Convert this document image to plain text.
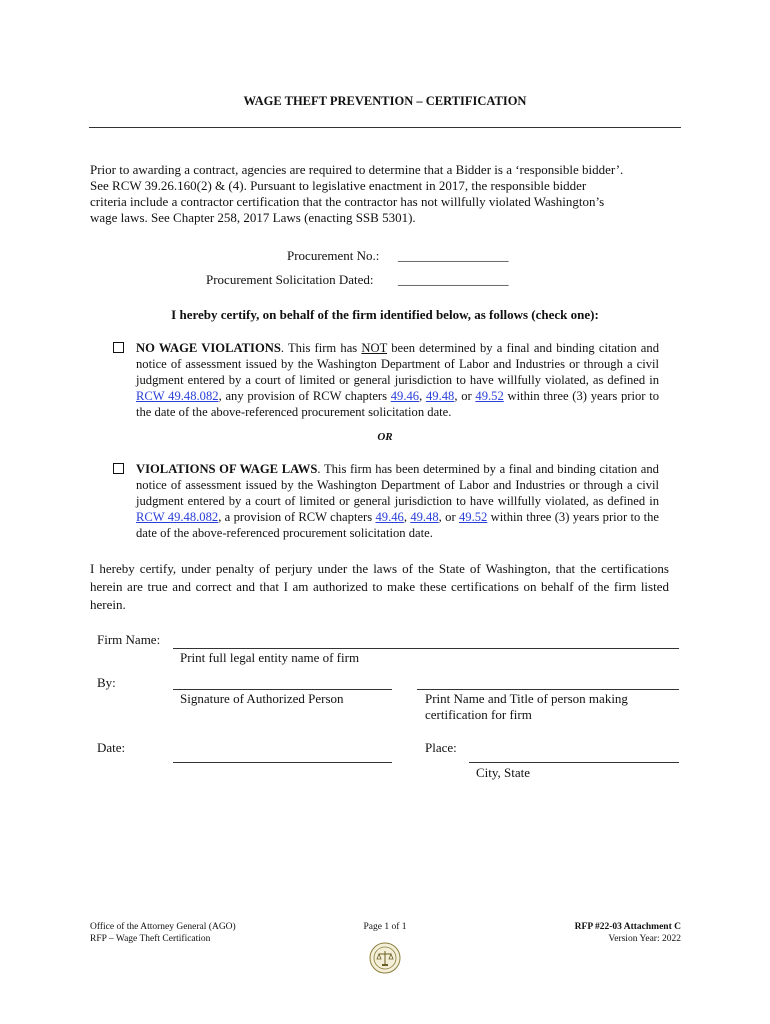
WAGE THEFT PREVENTION – CERTIFICATION
Prior to awarding a contract, agencies are required to determine that a Bidder is a ‘responsible bidder’. See RCW 39.26.160(2) & (4). Pursuant to legislative enactment in 2017, the responsible bidder criteria include a contractor certification that the contractor has not willfully violated Washington’s wage laws. See Chapter 258, 2017 Laws (enacting SSB 5301).
Procurement No.: _________________
Procurement Solicitation Dated: _________________
I hereby certify, on behalf of the firm identified below, as follows (check one):
NO WAGE VIOLATIONS. This firm has NOT been determined by a final and binding citation and notice of assessment issued by the Washington Department of Labor and Industries or through a civil judgment entered by a court of limited or general jurisdiction to have willfully violated, as defined in RCW 49.48.082, any provision of RCW chapters 49.46, 49.48, or 49.52 within three (3) years prior to the date of the above-referenced procurement solicitation date.
OR
VIOLATIONS OF WAGE LAWS. This firm has been determined by a final and binding citation and notice of assessment issued by the Washington Department of Labor and Industries or through a civil judgment entered by a court of limited or general jurisdiction to have willfully violated, as defined in RCW 49.48.082, a provision of RCW chapters 49.46, 49.48, or 49.52 within three (3) years prior to the date of the above-referenced procurement solicitation date.
I hereby certify, under penalty of perjury under the laws of the State of Washington, that the certifications herein are true and correct and that I am authorized to make these certifications on behalf of the firm listed herein.
Firm Name:
Print full legal entity name of firm
By:
Signature of Authorized Person	Print Name and Title of person making
certification for firm
Date:	Place:
City, State
Office of the Attorney General (AGO)
RFP – Wage Theft Certification
Page 1 of 1	RFP #22-03 Attachment C
Version Year: 2022
